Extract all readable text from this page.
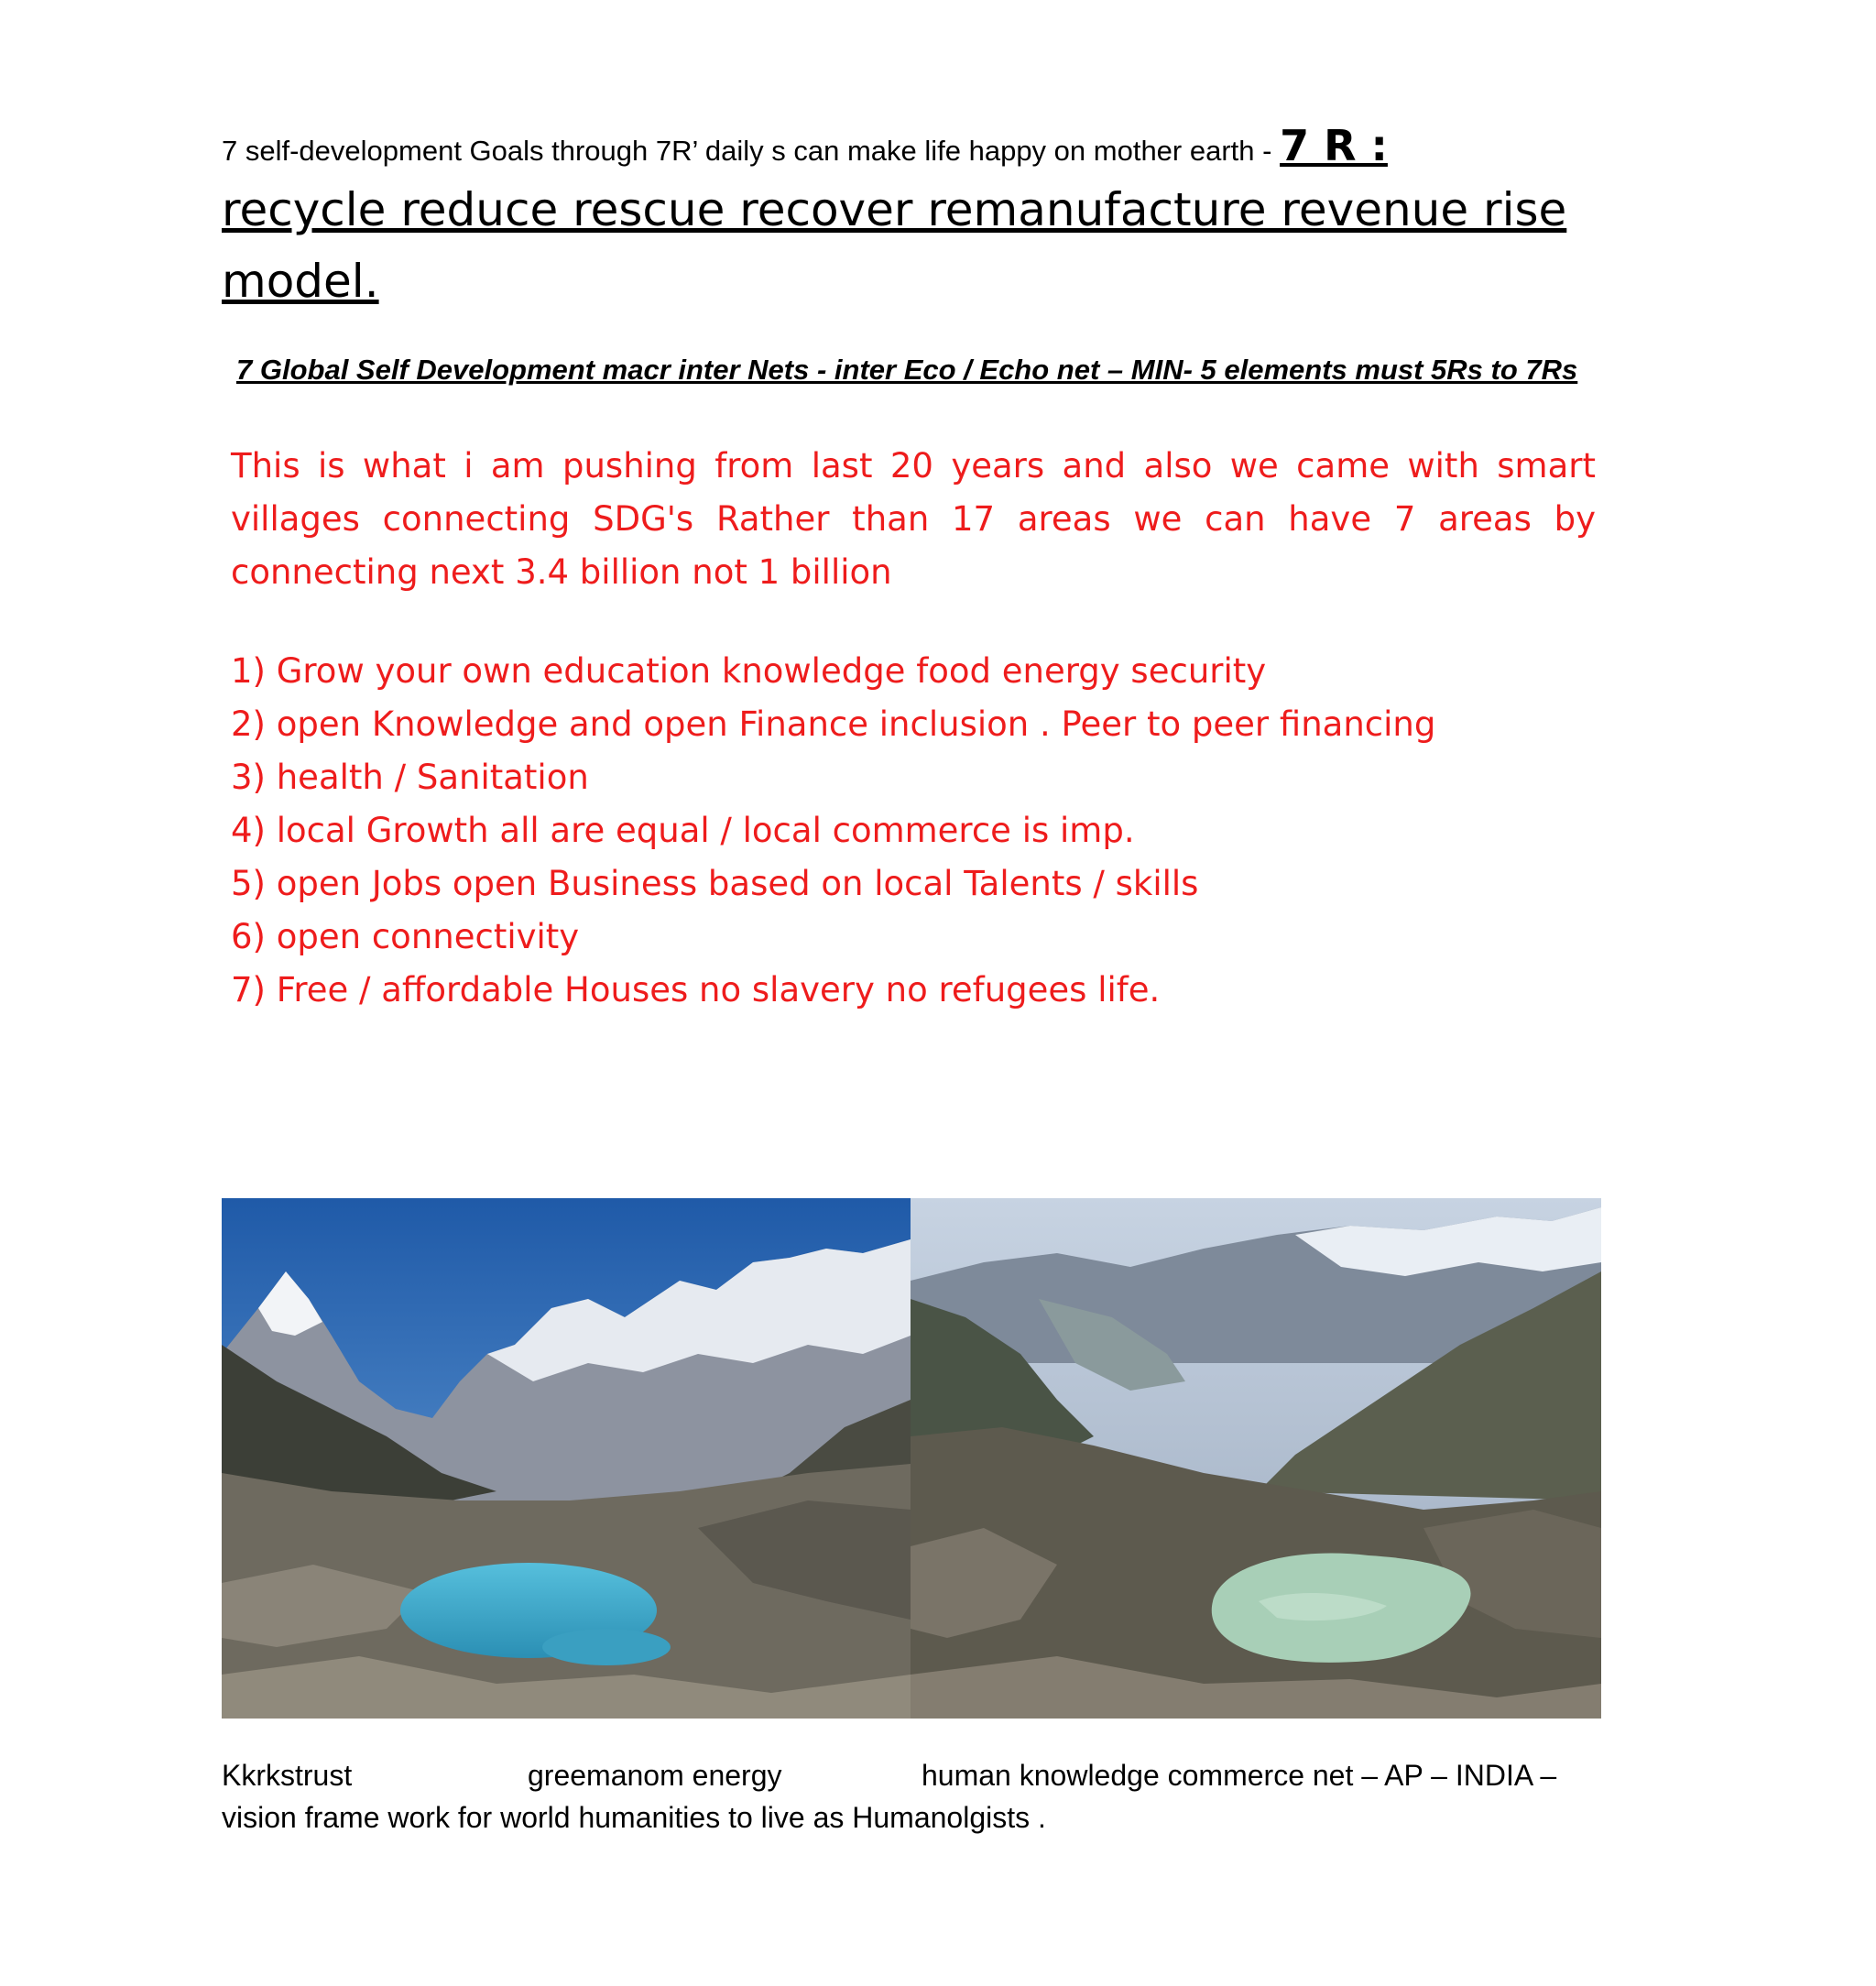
7 self-development Goals through 7R’ daily s can make life happy on mother earth - 7 R :
recycle reduce rescue recover remanufacture revenue rise model.
7 Global Self Development macr inter Nets - inter Eco / Echo net – MIN- 5 elements must 5Rs to 7Rs

This is what i am pushing from last 20 years and also we came with smart villages connecting SDG's Rather than 17 areas we can have 7 areas by connecting next 3.4 billion not 1 billion

1) Grow your own education knowledge food energy security
2) open Knowledge and open Finance inclusion . Peer to peer financing
3) health / Sanitation
4) local Growth all are equal / local commerce is imp.
5) open Jobs open Business based on local Talents / skills
6) open connectivity
7) Free / affordable Houses no slavery no refugees life.
Kkrkstrust	greemanom energy	human knowledge commerce net – AP – INDIA –
vision frame work for world humanities to live as Humanolgists .
